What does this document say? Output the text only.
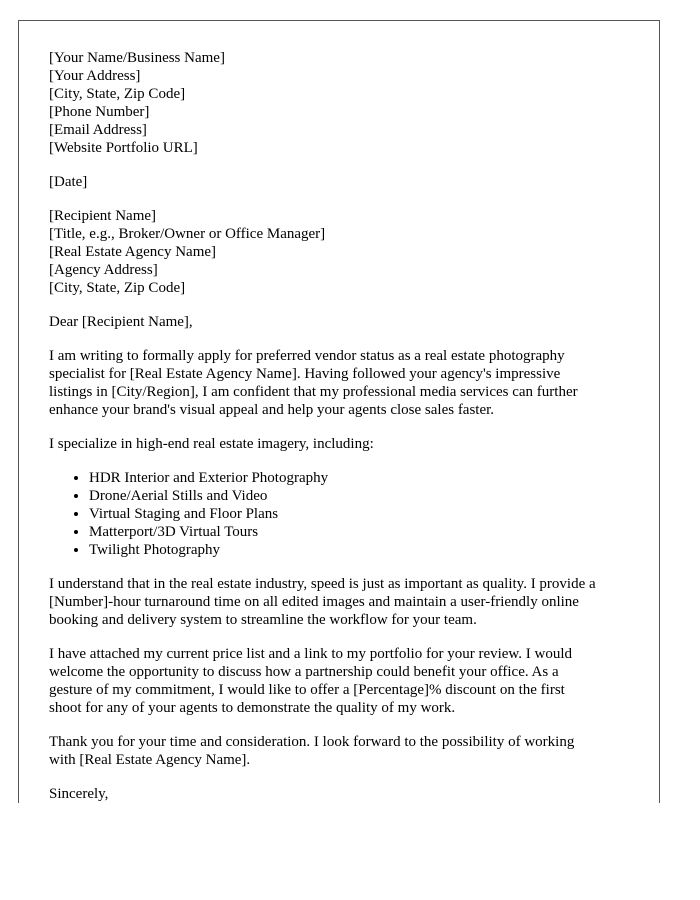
[Your Name/Business Name]
[Your Address]
[City, State, Zip Code]
[Phone Number]
[Email Address]
[Website Portfolio URL]

[Date]

[Recipient Name]
[Title, e.g., Broker/Owner or Office Manager]
[Real Estate Agency Name]
[Agency Address]
[City, State, Zip Code]

Dear [Recipient Name],

I am writing to formally apply for preferred vendor status as a real estate photography
specialist for [Real Estate Agency Name]. Having followed your agency's impressive
listings in [City/Region], I am confident that my professional media services can further
enhance your brand's visual appeal and help your agents close sales faster.

I specialize in high-end real estate imagery, including:

• HDR Interior and Exterior Photography
• Drone/Aerial Stills and Video
• Virtual Staging and Floor Plans
• Matterport/3D Virtual Tours
• Twilight Photography
I understand that in the real estate industry, speed is just as important as quality. I provide a
[Number]-hour turnaround time on all edited images and maintain a user-friendly online
booking and delivery system to streamline the workflow for your team.
I have attached my current price list and a link to my portfolio for your review. I would
welcome the opportunity to discuss how a partnership could benefit your office. As a
gesture of my commitment, I would like to offer a [Percentage]% discount on the first
shoot for any of your agents to demonstrate the quality of my work.
Thank you for your time and consideration. I look forward to the possibility of working
with [Real Estate Agency Name].

Sincerely,
